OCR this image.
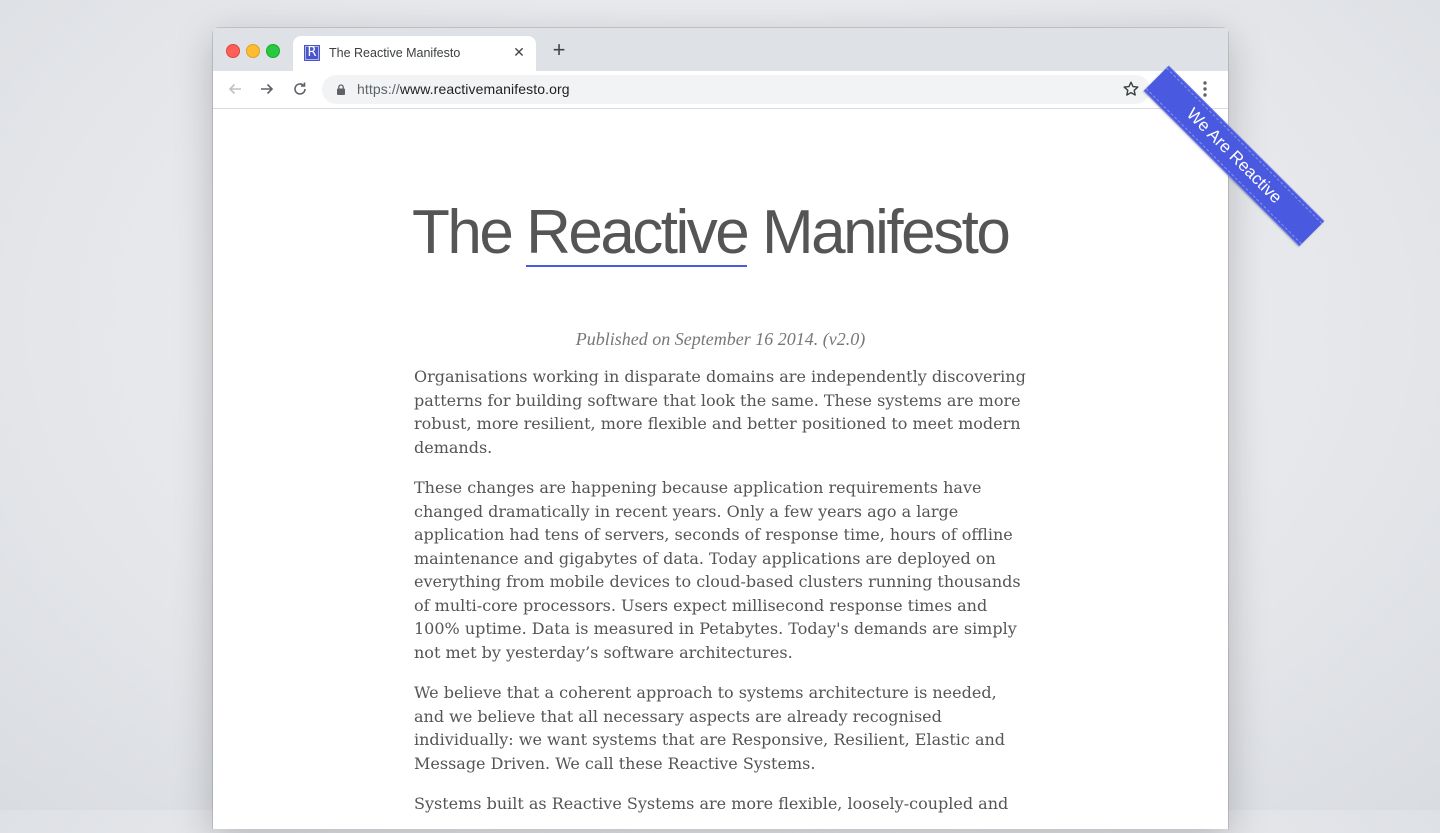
R The Reactive Manifesto	✕ +
https://www.reactivemanifesto.org
We Are Reactive
The Reactive Manifesto
Published on September 16 2014. (v2.0)

Organisations working in disparate domains are independently discovering patterns for building software that look the same. These systems are more robust, more resilient, more flexible and better positioned to meet modern demands.

These changes are happening because application requirements have changed dramatically in recent years. Only a few years ago a large application had tens of servers, seconds of response time, hours of offline maintenance and gigabytes of data. Today applications are deployed on everything from mobile devices to cloud-based clusters running thousands of multi-core processors. Users expect millisecond response times and 100% uptime. Data is measured in Petabytes. Today's demands are simply not met by yesterday’s software architectures.

We believe that a coherent approach to systems architecture is needed, and we believe that all necessary aspects are already recognised individually: we want systems that are Responsive, Resilient, Elastic and Message Driven. We call these Reactive Systems.

Systems built as Reactive Systems are more flexible, loosely-coupled and
